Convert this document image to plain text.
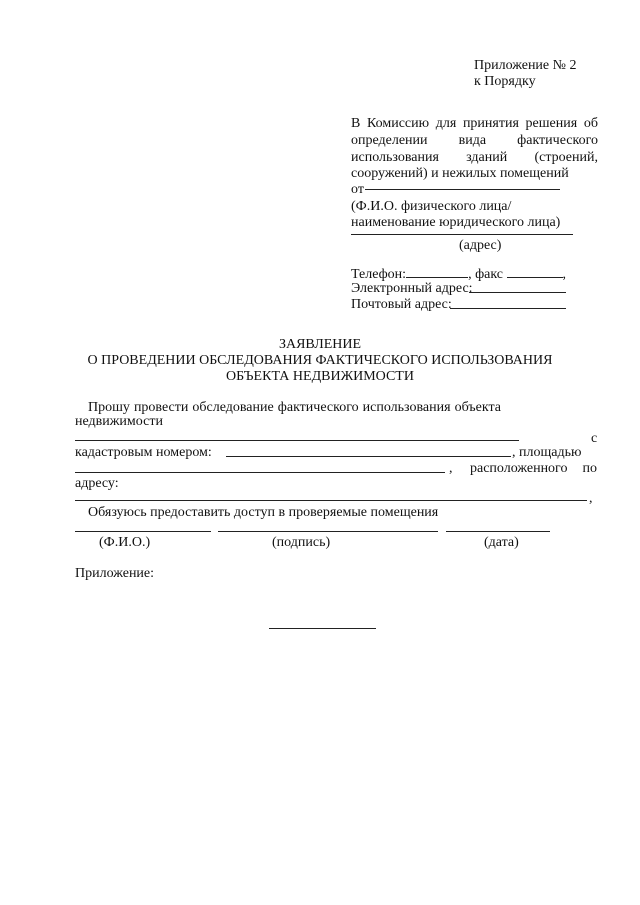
Приложение № 2
к Порядку
В Комиссию для принятия решения об
определении вида фактического
использования зданий (строений,
сооружений) и нежилых помещений
от
(Ф.И.О. физического лица/
наименование юридического лица)
(адрес)
Телефон:	, факс	,
Электронный адрес:
Почтовый адрес:
ЗАЯВЛЕНИЕ
О ПРОВЕДЕНИИ ОБСЛЕДОВАНИЯ ФАКТИЧЕСКОГО ИСПОЛЬЗОВАНИЯ
ОБЪЕКТА НЕДВИЖИМОСТИ
Прошу провести обследование фактического использования объекта
недвижимости
с
кадастровым номером:	, площадью
, расположенного по
адресу:
,
Обязуюсь предоставить доступ в проверяемые помещения
(Ф.И.О.)	(подпись)	(дата)
Приложение:
